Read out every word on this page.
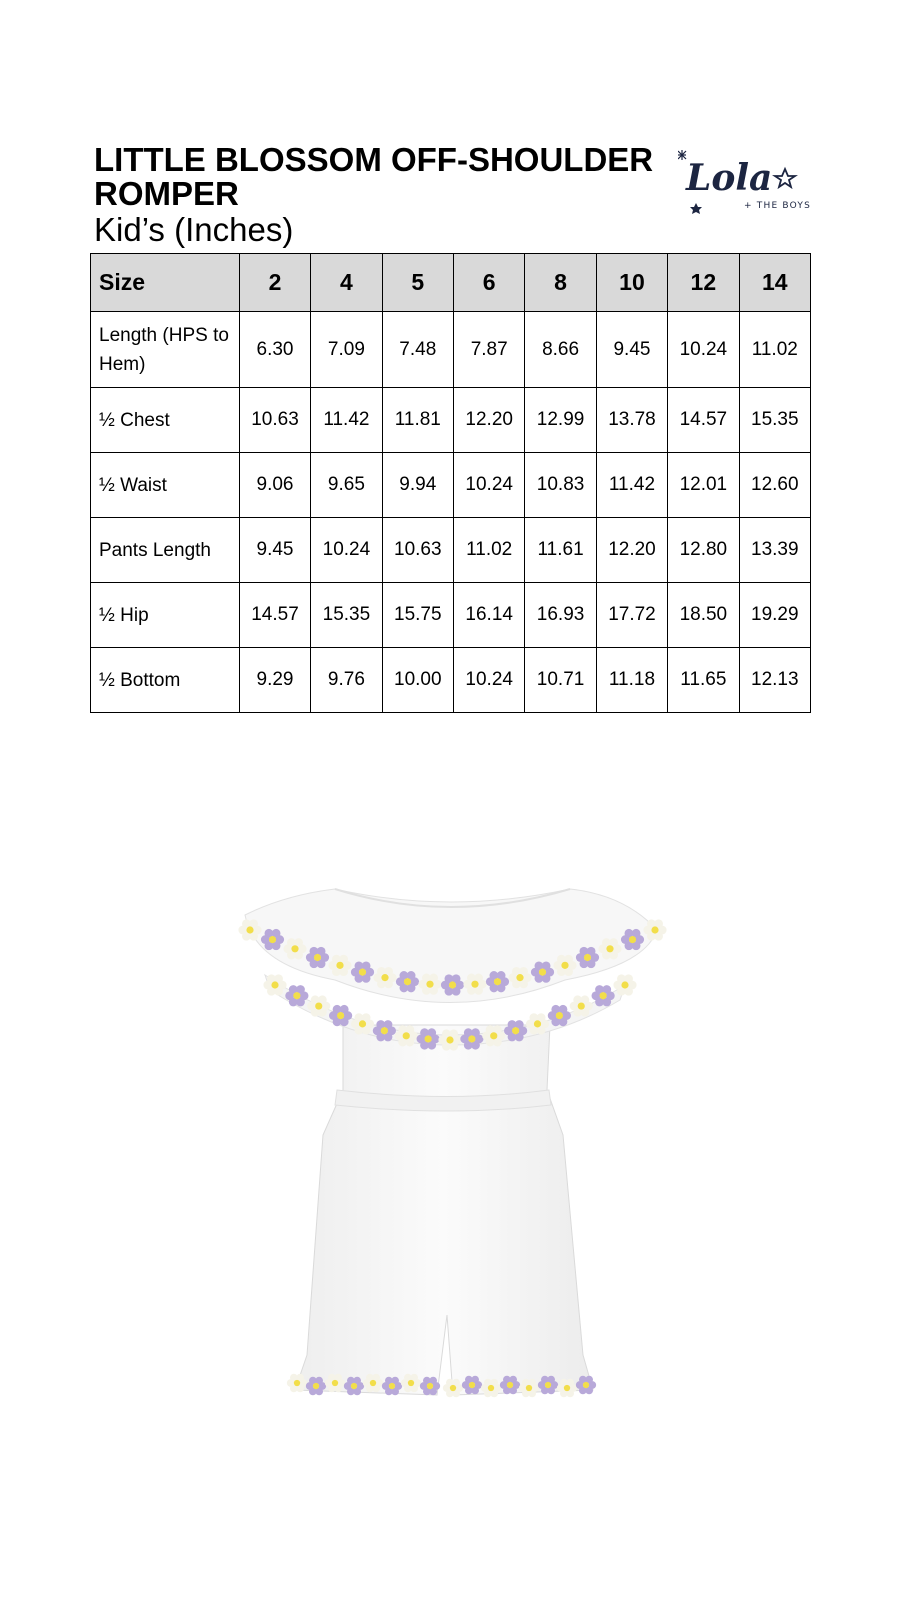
LITTLE BLOSSOM OFF-SHOULDER ROMPER

Kid’s (Inches)

Lola
+ THE BOYS
Size	2	4	5	6	8	10	12	14
Length (HPS to Hem)	6.30	7.09	7.48	7.87	8.66	9.45	10.24	11.02
½ Chest	10.63	11.42	11.81	12.20	12.99	13.78	14.57	15.35
½ Waist	9.06	9.65	9.94	10.24	10.83	11.42	12.01	12.60
Pants Length	9.45	10.24	10.63	11.02	11.61	12.20	12.80	13.39
½ Hip	14.57	15.35	15.75	16.14	16.93	17.72	18.50	19.29
½ Bottom	9.29	9.76	10.00	10.24	10.71	11.18	11.65	12.13
